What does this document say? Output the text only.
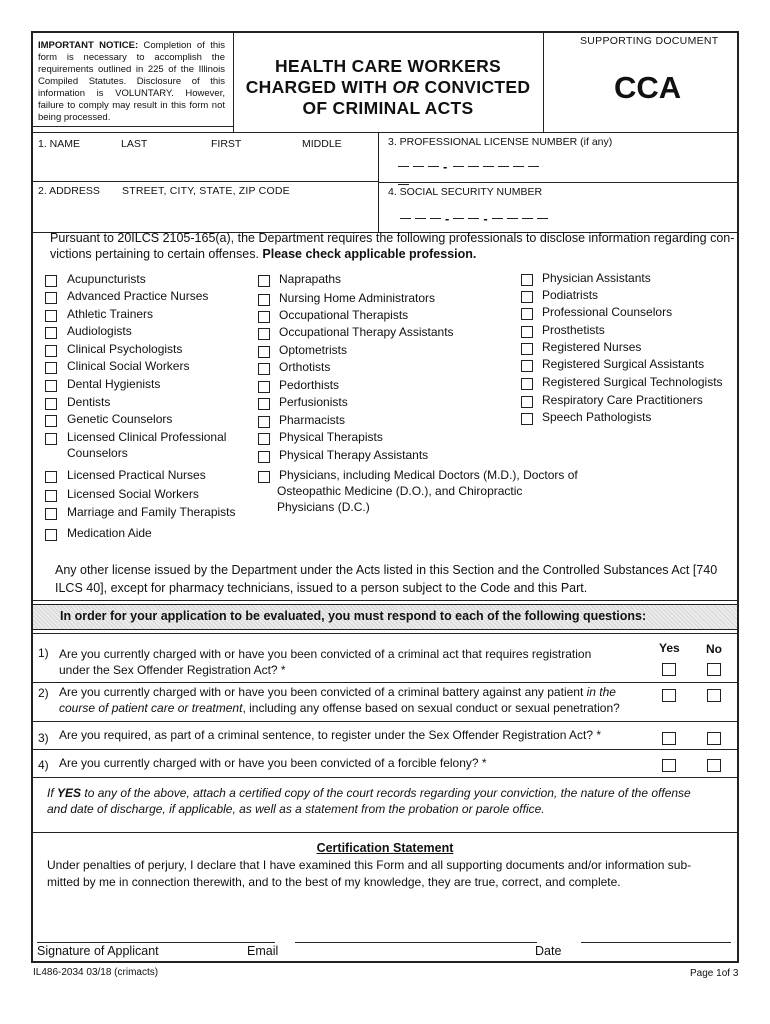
SUPPORTING DOCUMENT
IMPORTANT NOTICE: Completion of this form is necessary to accomplish the requirements outlined in 225 of the Illinois Compiled Statutes. Disclosure of this information is VOLUNTARY. However, failure to comply may result in this form not being processed.
HEALTH CARE WORKERS
CHARGED WITH OR CONVICTED
OF CRIMINAL ACTS
CCA
1. NAME	LAST	FIRST	MIDDLE	3. PROFESSIONAL LICENSE NUMBER (if any)
-
2. ADDRESS STREET, CITY, STATE, ZIP CODE	4. SOCIAL SECURITY NUMBER
-	-
Pursuant to 20ILCS 2105-165(a), the Department requires the following professionals to disclose information regarding con-
victions pertaining to certain offenses. Please check applicable profession.
Acupuncturists
Advanced Practice Nurses
Athletic Trainers
Audiologists
Clinical Psychologists
Clinical Social Workers
Dental Hygienists
Dentists
Genetic Counselors
Licensed Clinical Professional
Counselors
Licensed Practical Nurses
Licensed Social Workers
Marriage and Family Therapists
Medication Aide
Naprapaths
Nursing Home Administrators
Occupational Therapists
Occupational Therapy Assistants
Optometrists
Orthotists
Pedorthists
Perfusionists
Pharmacists
Physical Therapists
Physical Therapy Assistants
Physicians, including Medical Doctors (M.D.), Doctors of
Osteopathic Medicine (D.O.), and Chiropractic
Physicians (D.C.)
Physician Assistants
Podiatrists
Professional Counselors
Prosthetists
Registered Nurses
Registered Surgical Assistants
Registered Surgical Technologists
Respiratory Care Practitioners
Speech Pathologists
Any other license issued by the Department under the Acts listed in this Section and the Controlled Substances Act [740
ILCS 40], except for pharmacy technicians, issued to a person subject to the Code and this Part.
In order for your application to be evaluated, you must respond to each of the following questions:
Yes No
1) Are you currently charged with or have you been convicted of a criminal act that requires registration
under the Sex Offender Registration Act? *
2) Are you currently charged with or have you been convicted of a criminal battery against any patient in the
course of patient care or treatment, including any offense based on sexual conduct or sexual penetration?
3) Are you required, as part of a criminal sentence, to register under the Sex Offender Registration Act? *
4) Are you currently charged with or have you been convicted of a forcible felony? *
If YES to any of the above, attach a certified copy of the court records regarding your conviction, the nature of the offense
and date of discharge, if applicable, as well as a statement from the probation or parole office.
Certification Statement
Under penalties of perjury, I declare that I have examined this Form and all supporting documents and/or information sub-
mitted by me in connection therewith, and to the best of my knowledge, they are true, correct, and complete.
Signature of Applicant	Email	Date
IL486-2034 03/18 (crimacts)	Page 1of 3
